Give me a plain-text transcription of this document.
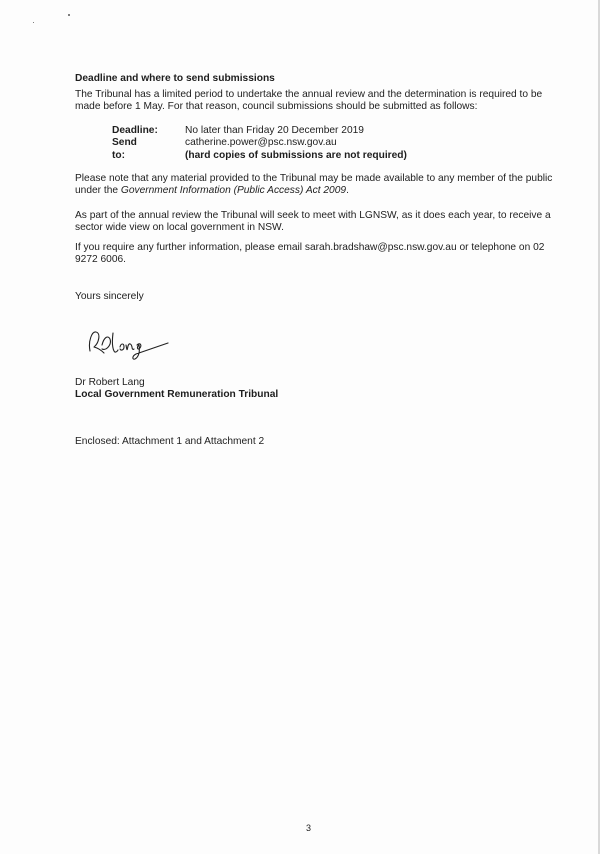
Deadline and where to send submissions

The Tribunal has a limited period to undertake the annual review and the determination is required to be made before 1 May. For that reason, council submissions should be submitted as follows:

Deadline:	No later than Friday 20 December 2019
Send to:
catherine.power@psc.nsw.gov.au
(hard copies of submissions are not required)

Please note that any material provided to the Tribunal may be made available to any member of the public under the Government Information (Public Access) Act 2009.

As part of the annual review the Tribunal will seek to meet with LGNSW, as it does each year, to receive a sector wide view on local government in NSW.

If you require any further information, please email sarah.bradshaw@psc.nsw.gov.au or telephone on 02 9272 6006.

Yours sincerely

Dr Robert Lang

Local Government Remuneration Tribunal

Enclosed: Attachment 1 and Attachment 2

3
